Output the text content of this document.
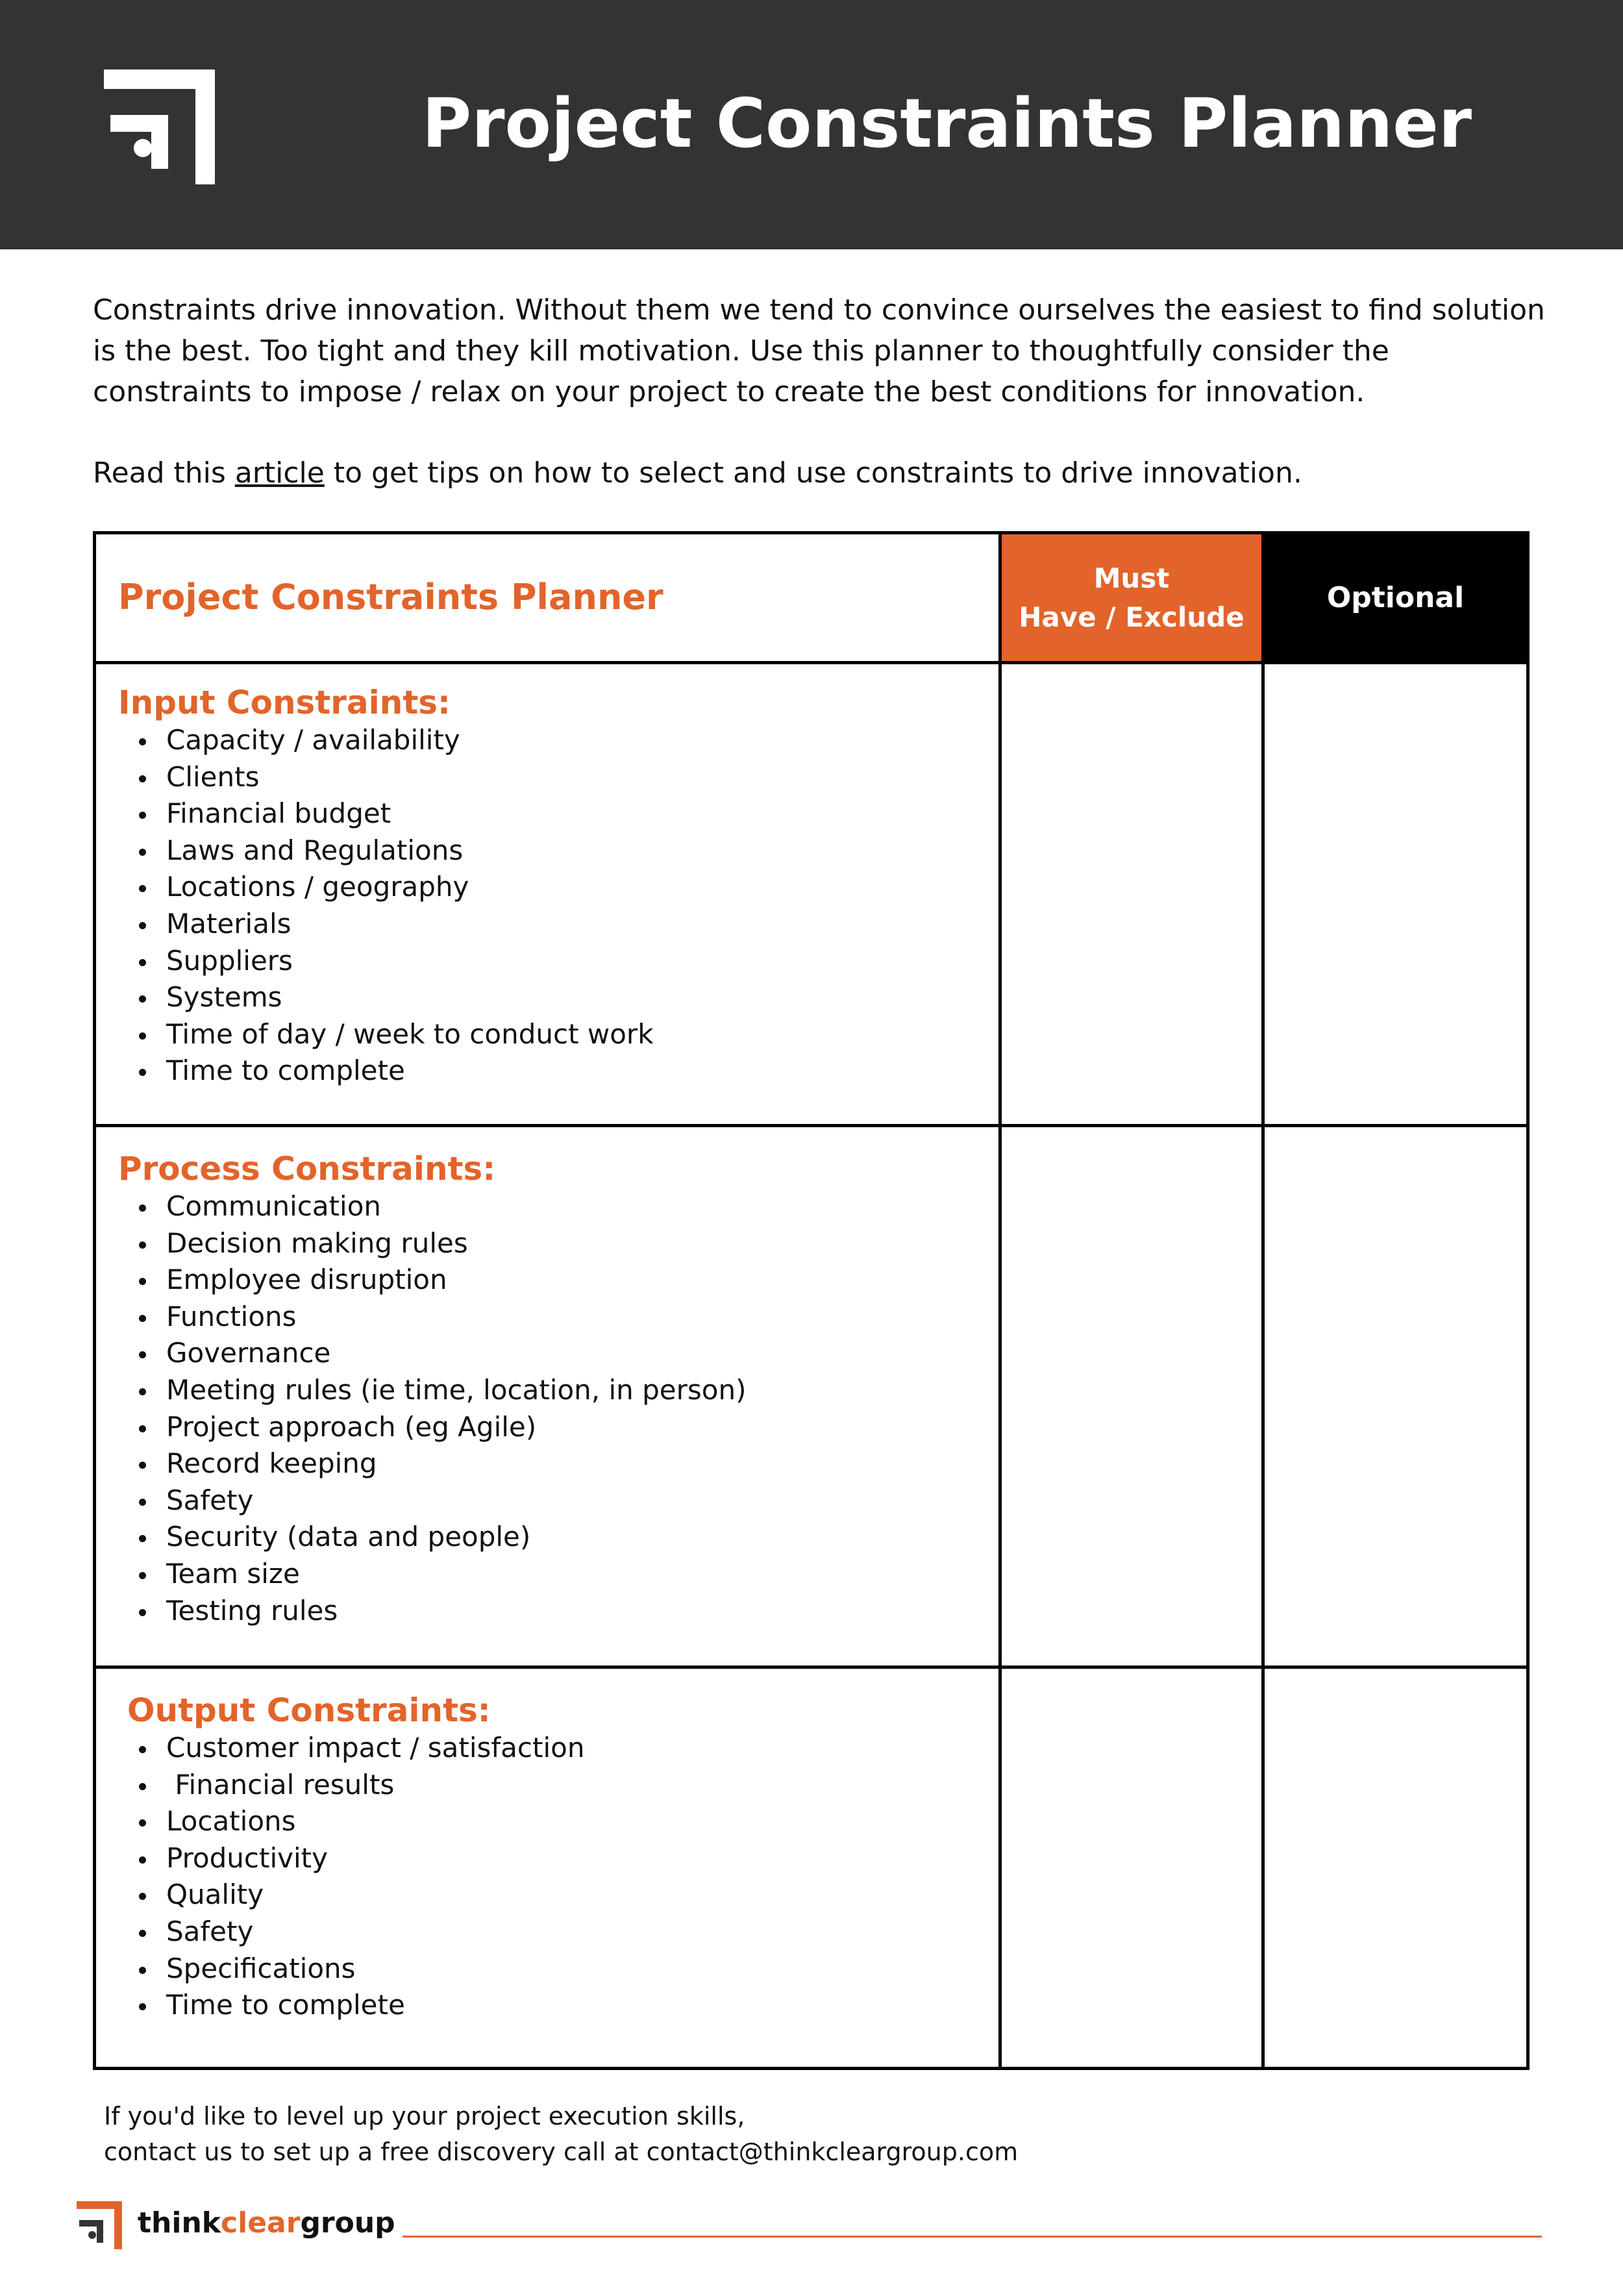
Project Constraints Planner

Constraints drive innovation. Without them we tend to convince ourselves the easiest to find solution is the best. Too tight and they kill motivation. Use this planner to thoughtfully consider the constraints to impose / relax on your project to create the best conditions for innovation.

Read this article to get tips on how to select and use constraints to drive innovation.

Project Constraints Planner	Must
Have / Exclude
Optional
Input Constraints:
Capacity / availability
Clients
Financial budget
Laws and Regulations
Locations / geography
Materials
Suppliers
Systems
Time of day / week to conduct work
Time to complete
Process Constraints:
Communication
Decision making rules
Employee disruption
Functions
Governance
Meeting rules (ie time, location, in person)
Project approach (eg Agile)
Record keeping
Safety
Security (data and people)
Team size
Testing rules
Output Constraints:
Customer impact / satisfaction
Financial results
Locations
Productivity
Quality
Safety
Specifications
Time to complete

If you'd like to level up your project execution skills,
contact us to set up a free discovery call at contact@thinkcleargroup.com

thinkcleargroup
